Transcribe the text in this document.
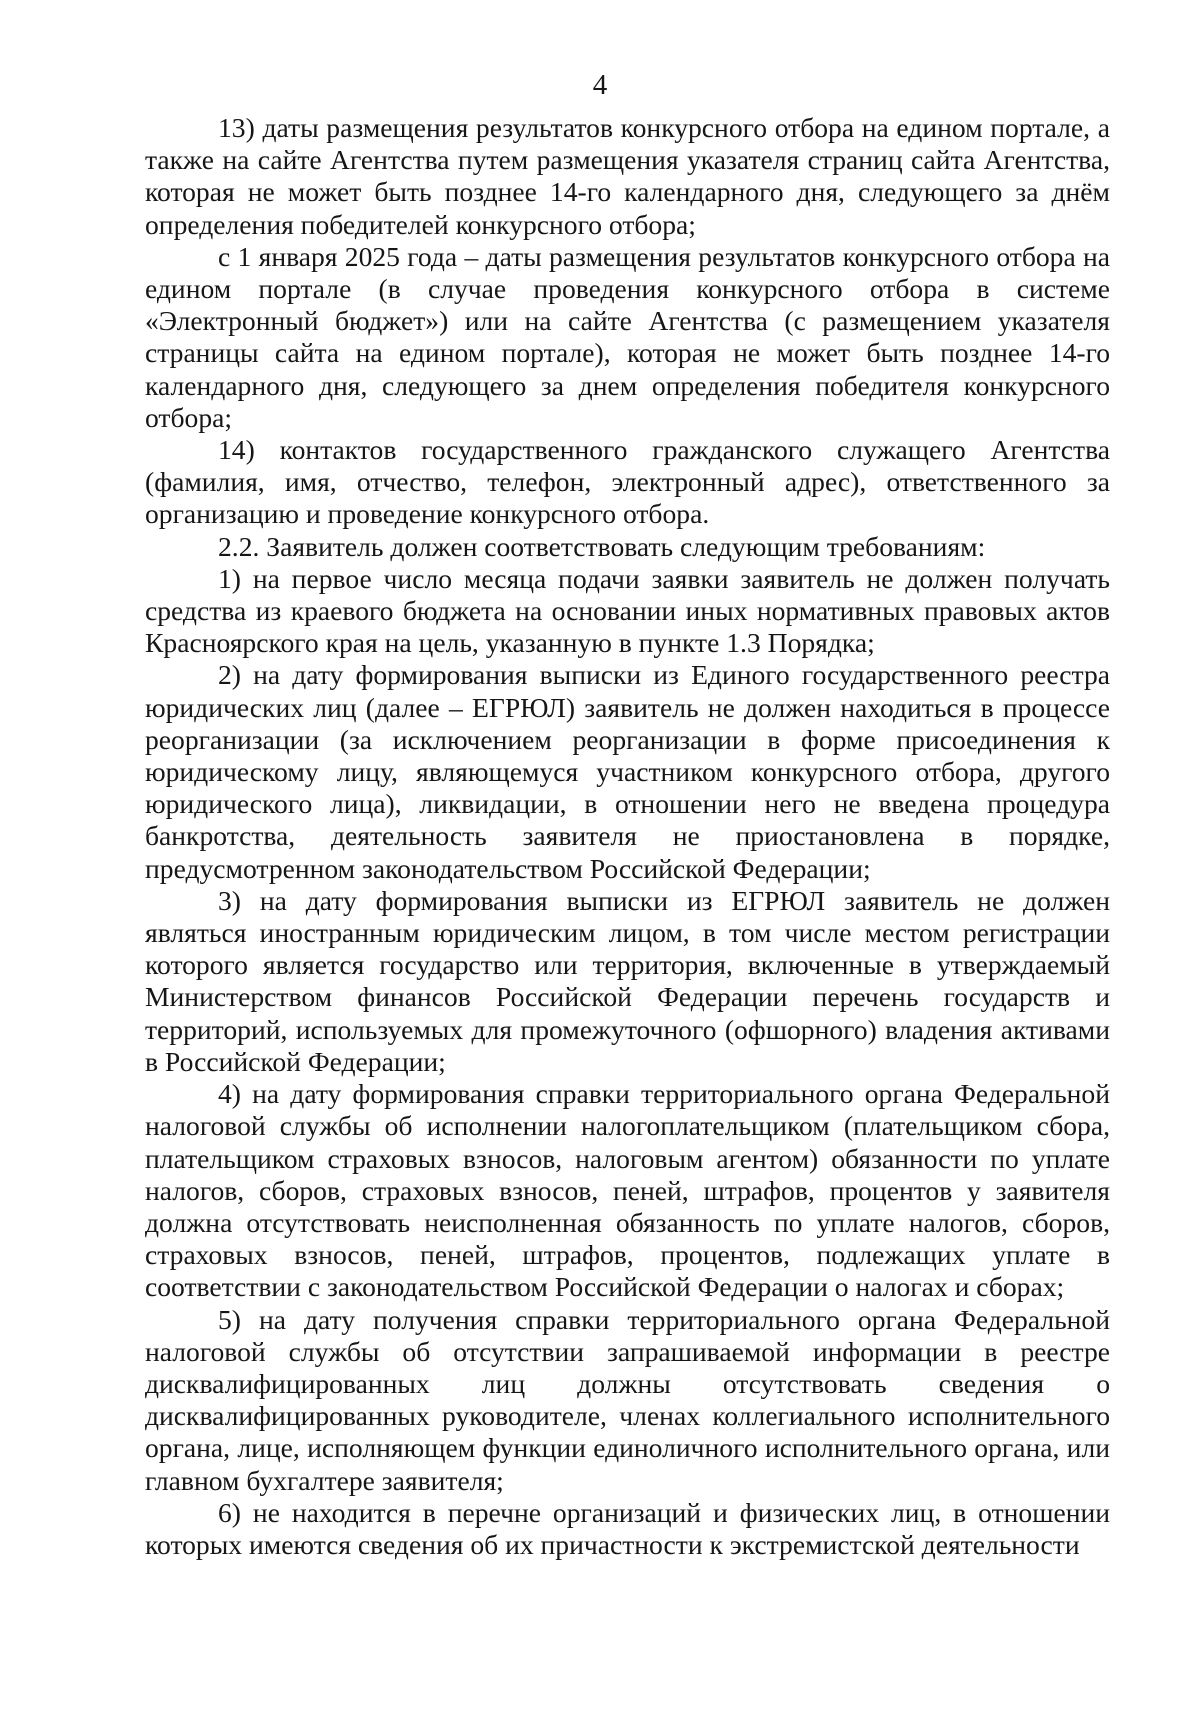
4

13) даты размещения результатов конкурсного отбора на едином портале, а также на сайте Агентства путем размещения указателя страниц сайта Агентства, которая не может быть позднее 14-го календарного дня, следующего за днём определения победителей конкурсного отбора;

с 1 января 2025 года – даты размещения результатов конкурсного отбора на едином портале (в случае проведения конкурсного отбора в системе «Электронный бюджет») или на сайте Агентства (с размещением указателя страницы сайта на едином портале), которая не может быть позднее 14-го календарного дня, следующего за днем определения победителя конкурсного отбора;

14) контактов государственного гражданского служащего Агентства (фамилия, имя, отчество, телефон, электронный адрес), ответственного за организацию и проведение конкурсного отбора.

2.2. Заявитель должен соответствовать следующим требованиям:

1) на первое число месяца подачи заявки заявитель не должен получать средства из краевого бюджета на основании иных нормативных правовых актов Красноярского края на цель, указанную в пункте 1.3 Порядка;

2) на дату формирования выписки из Единого государственного реестра юридических лиц (далее – ЕГРЮЛ) заявитель не должен находиться в процессе реорганизации (за исключением реорганизации в форме присоединения к юридическому лицу, являющемуся участником конкурсного отбора, другого юридического лица), ликвидации, в отношении него не введена процедура банкротства, деятельность заявителя не приостановлена в порядке, предусмотренном законодательством Российской Федерации;

3) на дату формирования выписки из ЕГРЮЛ заявитель не должен являться иностранным юридическим лицом, в том числе местом регистрации которого является государство или территория, включенные в утверждаемый Министерством финансов Российской Федерации перечень государств и территорий, используемых для промежуточного (офшорного) владения активами в Российской Федерации;

4) на дату формирования справки территориального органа Федеральной налоговой службы об исполнении налогоплательщиком (плательщиком сбора, плательщиком страховых взносов, налоговым агентом) обязанности по уплате налогов, сборов, страховых взносов, пеней, штрафов, процентов у заявителя должна отсутствовать неисполненная обязанность по уплате налогов, сборов, страховых взносов, пеней, штрафов, процентов, подлежащих уплате в соответствии с законодательством Российской Федерации о налогах и сборах;

5) на дату получения справки территориального органа Федеральной налоговой службы об отсутствии запрашиваемой информации в реестре дисквалифицированных лиц должны отсутствовать сведения о дисквалифицированных руководителе, членах коллегиального исполнительного органа, лице, исполняющем функции единоличного исполнительного органа, или главном бухгалтере заявителя;

6) не находится в перечне организаций и физических лиц, в отношении которых имеются сведения об их причастности к экстремистской деятельности
